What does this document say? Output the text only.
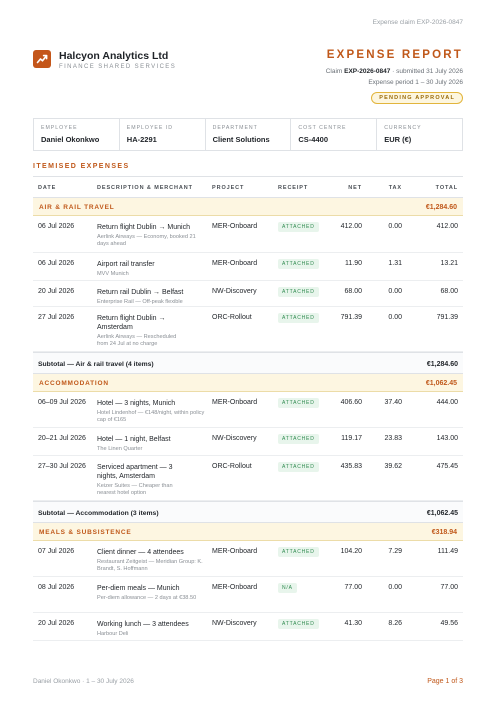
Expense claim EXP-2026-0847
Halcyon Analytics Ltd
FINANCE SHARED SERVICES
EXPENSE REPORT
Claim EXP-2026-0847 · submitted 31 July 2026
Expense period 1 – 30 July 2026
PENDING APPROVAL
EMPLOYEE
Daniel Okonkwo
EMPLOYEE ID
HA-2291
DEPARTMENT
Client Solutions
COST CENTRE
CS-4400
CURRENCY
EUR (€)
ITEMISED EXPENSES
DATE	DESCRIPTION & MERCHANT	PROJECT	RECEIPT	NET	TAX	TOTAL
AIR & RAIL TRAVEL	€1,284.60
06 Jul 2026	Return flight Dublin → Munich
Aerlink Airways — Economy, booked 21 days ahead
MER-Onboard	ATTACHED	412.00	0.00	412.00
06 Jul 2026	Airport rail transfer
MVV Munich
MER-Onboard	ATTACHED	11.90	1.31	13.21
20 Jul 2026	Return rail Dublin → Belfast
Enterprise Rail — Off-peak flexible
NW-Discovery	ATTACHED	68.00	0.00	68.00
27 Jul 2026	Return flight Dublin → Amsterdam
Aerlink Airways — Rescheduled from 24 Jul at no charge
ORC-Rollout	ATTACHED	791.39	0.00	791.39
Subtotal — Air & rail travel (4 items)	€1,284.60
ACCOMMODATION	€1,062.45
06–09 Jul 2026 Hotel — 3 nights, Munich
Hotel Lindenhof — €148/night, within policy cap of €165
MER-Onboard	ATTACHED	406.60	37.40	444.00
20–21 Jul 2026 Hotel — 1 night, Belfast
The Linen Quarter
NW-Discovery	ATTACHED	119.17	23.83	143.00
27–30 Jul 2026 Serviced apartment — 3 nights, Amsterdam
Keizer Suites — Cheaper than nearest hotel option
ORC-Rollout	ATTACHED	435.83	39.62	475.45
Subtotal — Accommodation (3 items)	€1,062.45
MEALS & SUBSISTENCE	€318.94
07 Jul 2026	Client dinner — 4 attendees
Restaurant Zeitgeist — Meridian Group: K. Brandt, S. Hoffmann
MER-Onboard	ATTACHED	104.20	7.29	111.49
08 Jul 2026	Per-diem meals — Munich
Per-diem allowance — 2 days at €38.50
MER-Onboard	N/A	77.00	0.00	77.00
20 Jul 2026	Working lunch — 3 attendees
Harbour Deli
NW-Discovery	ATTACHED	41.30	8.26	49.56
Daniel Okonkwo · 1 – 30 July 2026	Page 1 of 3
